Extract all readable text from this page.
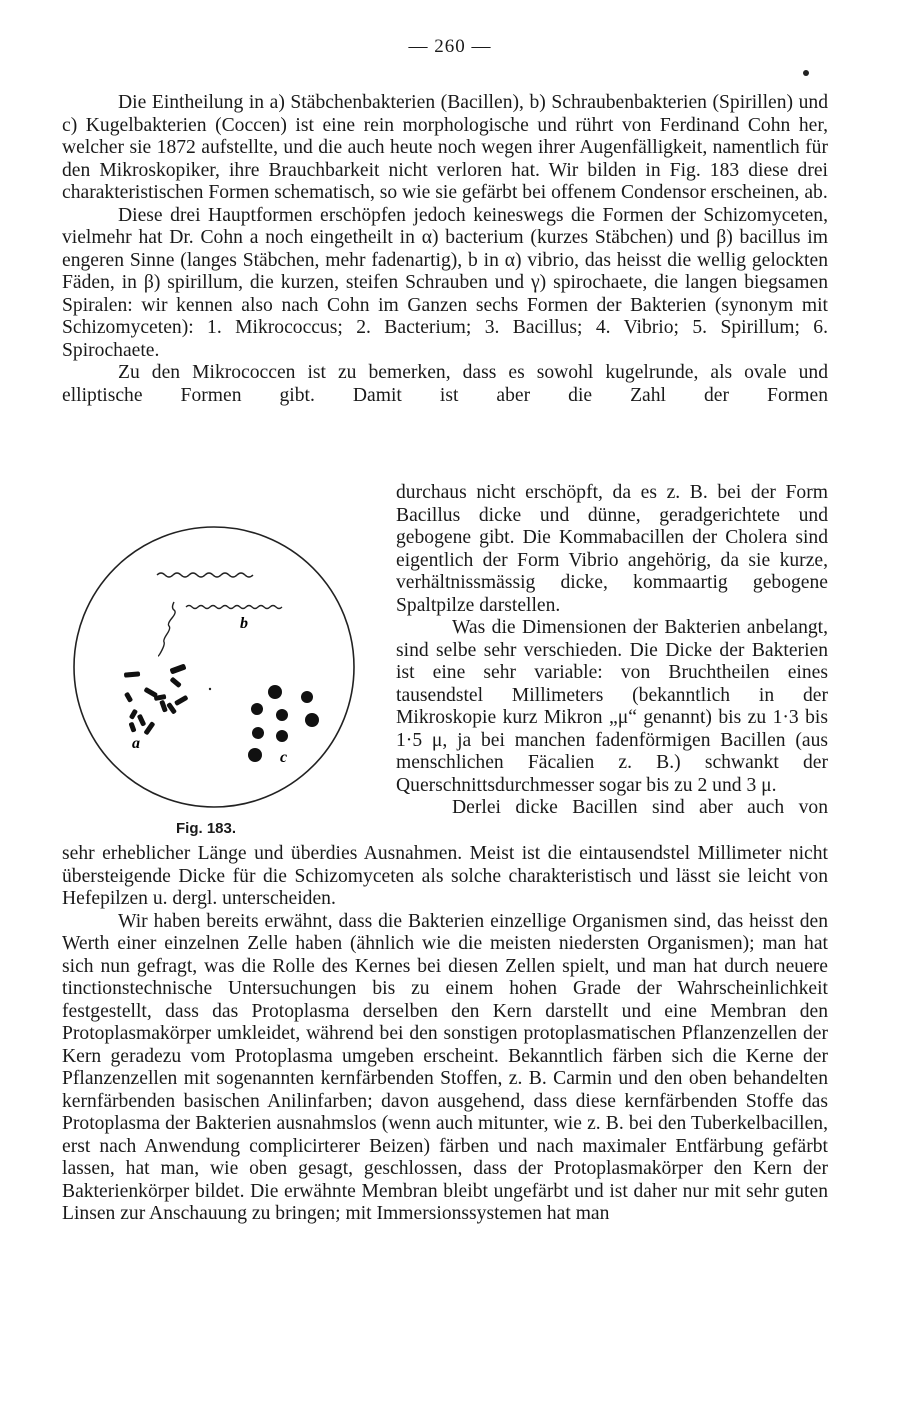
— 260 —

Die Eintheilung in a) Stäbchenbakterien (Bacillen), b) Schraubenbakterien (Spirillen) und c) Kugelbakterien (Coccen) ist eine rein morphologische und rührt von Ferdinand Cohn her, welcher sie 1872 aufstellte, und die auch heute noch wegen ihrer Augenfälligkeit, namentlich für den Mikroskopiker, ihre Brauchbarkeit nicht verloren hat. Wir bilden in Fig. 183 diese drei charakteristischen Formen schematisch, so wie sie gefärbt bei offenem Condensor erscheinen, ab.

Diese drei Hauptformen erschöpfen jedoch keineswegs die Formen der Schizomyceten, vielmehr hat Dr. Cohn a noch eingetheilt in α) bacterium (kurzes Stäbchen) und β) bacillus im engeren Sinne (langes Stäbchen, mehr fadenartig), b in α) vibrio, das heisst die wellig gelockten Fäden, in β) spirillum, die kurzen, steifen Schrauben und γ) spirochaete, die langen biegsamen Spiralen: wir kennen also nach Cohn im Ganzen sechs Formen der Bakterien (synonym mit Schizomyceten): 1. Mikrococcus; 2. Bacterium; 3. Bacillus; 4. Vibrio; 5. Spirillum; 6. Spirochaete.

Zu den Mikrococcen ist zu bemerken, dass es sowohl kugelrunde, als ovale und elliptische Formen gibt. Damit ist aber die Zahl der Formen

durchaus nicht erschöpft, da es z. B. bei der Form Bacillus dicke und dünne, geradgerichtete und gebogene gibt. Die Kommabacillen der Cholera sind eigentlich der Form Vibrio angehörig, da sie kurze, verhältnissmässig dicke, kommaartig gebogene Spaltpilze darstellen.

Was die Dimensionen der Bakterien anbelangt, sind selbe sehr verschieden. Die Dicke der Bakterien ist eine sehr variable: von Bruchtheilen eines tausendstel Millimeters (bekanntlich in der Mikroskopie kurz Mikron „μ“ genannt) bis zu 1·3 bis 1·5 μ, ja bei manchen fadenförmigen Bacillen (aus menschlichen Fäcalien z. B.) schwankt der Querschnittsdurchmesser sogar bis zu 2 und 3 μ.

Derlei dicke Bacillen sind aber auch von

b
a
c
Fig. 183.

sehr erheblicher Länge und überdies Ausnahmen. Meist ist die eintausendstel Millimeter nicht übersteigende Dicke für die Schizomyceten als solche charakteristisch und lässt sie leicht von Hefepilzen u. dergl. unterscheiden.

Wir haben bereits erwähnt, dass die Bakterien einzellige Organismen sind, das heisst den Werth einer einzelnen Zelle haben (ähnlich wie die meisten niedersten Organismen); man hat sich nun gefragt, was die Rolle des Kernes bei diesen Zellen spielt, und man hat durch neuere tinctionstechnische Untersuchungen bis zu einem hohen Grade der Wahrscheinlichkeit festgestellt, dass das Protoplasma derselben den Kern darstellt und eine Membran den Protoplasmakörper umkleidet, während bei den sonstigen protoplasmatischen Pflanzenzellen der Kern geradezu vom Protoplasma umgeben erscheint. Bekanntlich färben sich die Kerne der Pflanzenzellen mit sogenannten kernfärbenden Stoffen, z. B. Carmin und den oben behandelten kernfärbenden basischen Anilinfarben; davon ausgehend, dass diese kernfärbenden Stoffe das Protoplasma der Bakterien ausnahmslos (wenn auch mitunter, wie z. B. bei den Tuberkelbacillen, erst nach Anwendung complicirterer Beizen) färben und nach maximaler Entfärbung gefärbt lassen, hat man, wie oben gesagt, geschlossen, dass der Protoplasmakörper den Kern der Bakterienkörper bildet. Die erwähnte Membran bleibt ungefärbt und ist daher nur mit sehr guten Linsen zur Anschauung zu bringen; mit Immersionssystemen hat man
